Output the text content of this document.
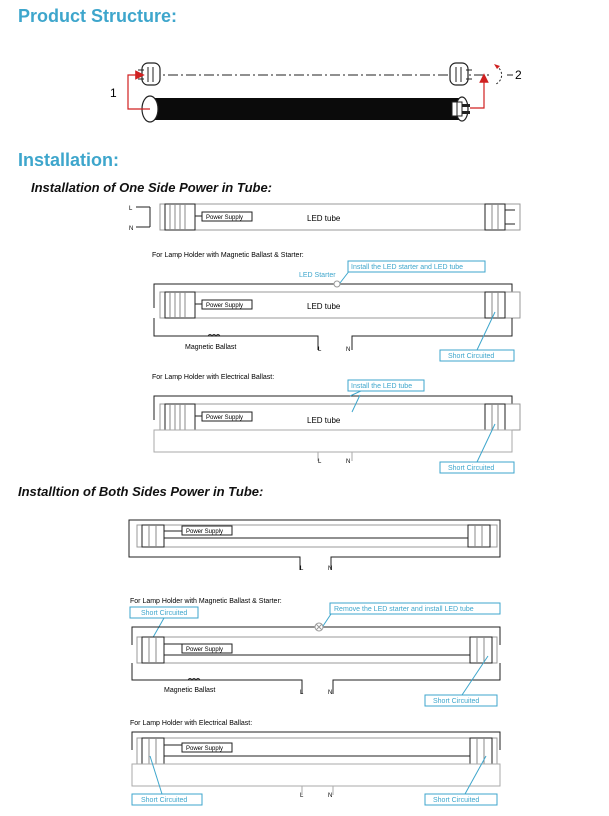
Product Structure:
Installation:
Installation of One Side Power in Tube:
Installtion of Both Sides Power in Tube:
1
2
L
N
Power Supply	LED tube
For Lamp Holder with Magnetic Ballast & Starter:
LED Starter
Install the LED starter and LED tube
Power Supply	LED tube
Magnetic Ballast	L	N
Short Circuited
For Lamp Holder with Electrical Ballast:
Install the LED tube
Power Supply	LED tube
L	N
Short Circuited
Power Supply
L	N
For Lamp Holder with Magnetic Ballast & Starter:
Short Circuited
Remove the LED starter and install LED tube
Power Supply
Magnetic Ballast	L	N
Short Circuited
For Lamp Holder with Electrical Ballast:
Power Supply
L	N
Short Circuited	Short Circuited
